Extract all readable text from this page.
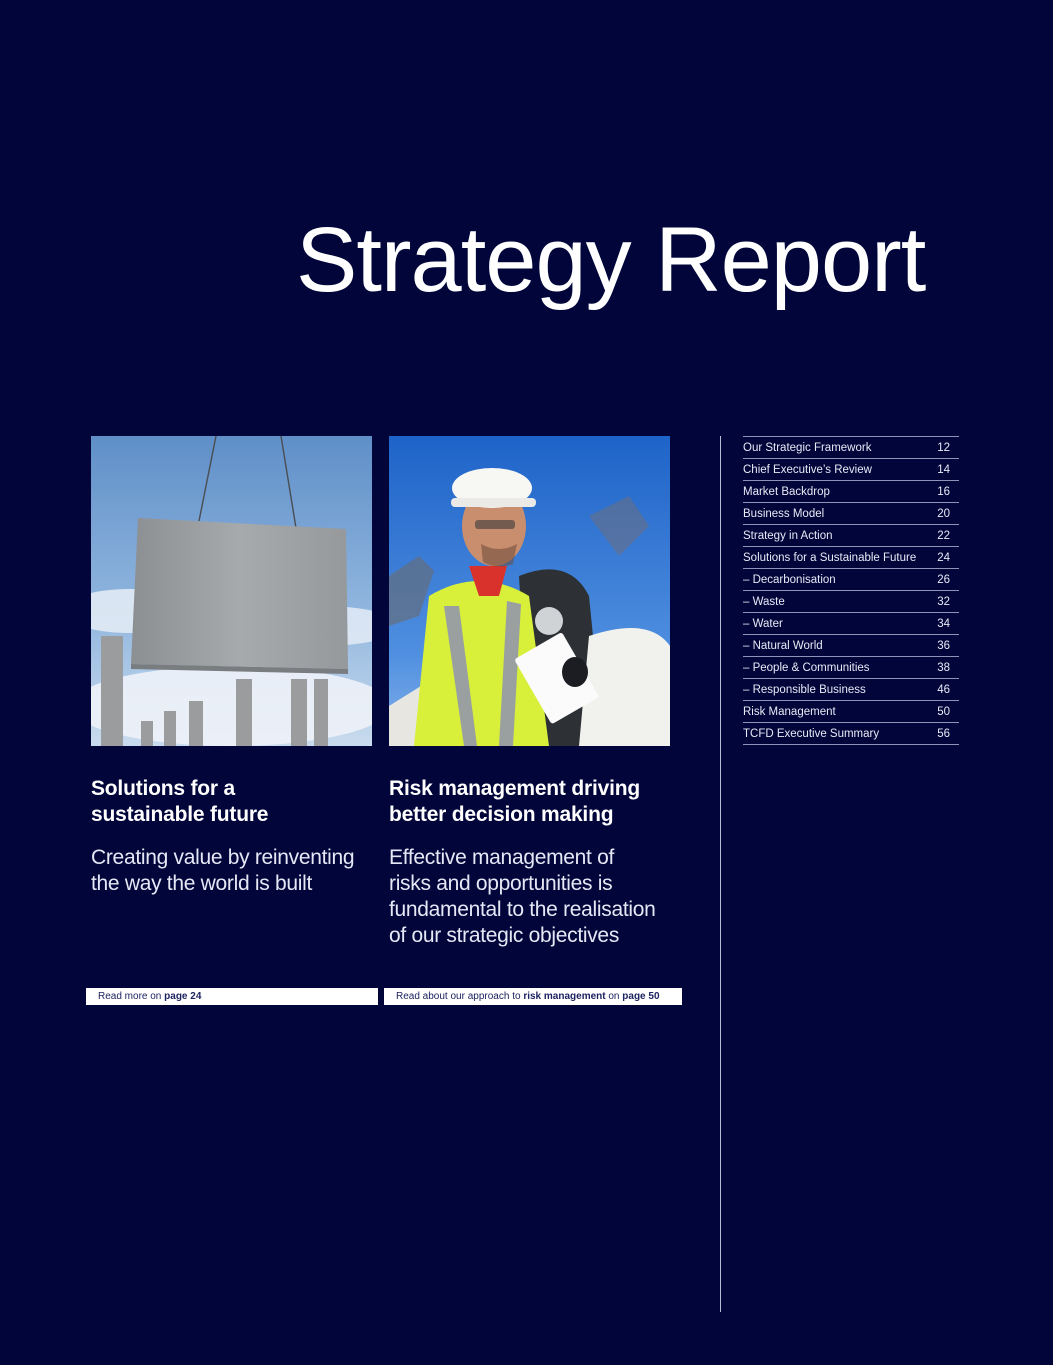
Strategy Report
Solutions for a
sustainable future
Creating value by reinventing
the way the world is built
Risk management driving
better decision making
Effective management of
risks and opportunities is
fundamental to the realisation
of our strategic objectives
Read more on page 24	Read about our approach to risk management on page 50
Our Strategic Framework	12
Chief Executive’s Review	14
Market Backdrop	16
Business Model	20
Strategy in Action	22
Solutions for a Sustainable Future 24
– Decarbonisation	26
– Waste	32
– Water	34
– Natural World	36
– People & Communities	38
– Responsible Business	46
Risk Management	50
TCFD Executive Summary	56
